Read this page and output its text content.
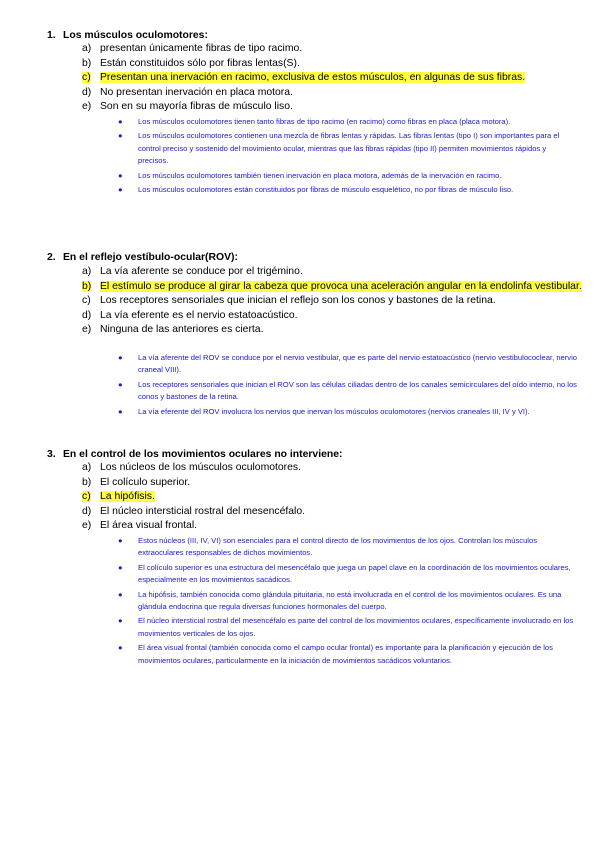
1. Los músculos oculomotores:
a) presentan únicamente fibras de tipo racimo.
b) Están constituidos sólo por fibras lentas(S).
c) Presentan una inervación en racimo, exclusiva de estos músculos, en algunas de sus fibras.
d) No presentan inervación en placa motora.
e) Son en su mayoría fibras de músculo liso.
● Los músculos oculomotores tienen tanto fibras de tipo racimo (en racimo) como fibras en placa (placa motora).
● Los músculos oculomotores contienen una mezcla de fibras lentas y rápidas. Las fibras lentas (tipo I) son importantes para el control preciso y sostenido del movimiento ocular, mientras que las fibras rápidas (tipo II) permiten movimientos rápidos y precisos.
● Los músculos oculomotores también tienen inervación en placa motora, además de la inervación en racimo.
● Los músculos oculomotores están constituidos por fibras de músculo esquelético, no por fibras de músculo liso.
2. En el reflejo vestíbulo-ocular(ROV):
a) La vía aferente se conduce por el trigémino.
b) El estímulo se produce al girar la cabeza que provoca una aceleración angular en la endolinfa vestibular.
c) Los receptores sensoriales que inician el reflejo son los conos y bastones de la retina.
d) La vía eferente es el nervio estatoacústico.
e) Ninguna de las anteriores es cierta.
● La vía aferente del ROV se conduce por el nervio vestibular, que es parte del nervio estatoacústico (nervio vestibulococlear, nervio craneal VIII).
● Los receptores sensoriales que inician el ROV son las células ciliadas dentro de los canales semicirculares del oído interno, no los conos y bastones de la retina.
● La vía eferente del ROV involucra los nervios que inervan los músculos oculomotores (nervios craneales III, IV y VI).
3. En el control de los movimientos oculares no interviene:
a) Los núcleos de los músculos oculomotores.
b) El colículo superior.
c) La hipófisis.
d) El núcleo intersticial rostral del mesencéfalo.
e) El área visual frontal.
● Estos núcleos (III, IV, VI) son esenciales para el control directo de los movimientos de los ojos. Controlan los músculos extraoculares responsables de dichos movimientos.
● El colículo superior es una estructura del mesencéfalo que juega un papel clave en la coordinación de los movimientos oculares, especialmente en los movimientos sacádicos.
● La hipófisis, también conocida como glándula pituitaria, no está involucrada en el control de los movimientos oculares. Es una glándula endocrina que regula diversas funciones hormonales del cuerpo.
● El núcleo intersticial rostral del mesencéfalo es parte del control de los movimientos oculares, específicamente involucrado en los movimientos verticales de los ojos.
● El área visual frontal (también conocida como el campo ocular frontal) es importante para la planificación y ejecución de los movimientos oculares, particularmente en la iniciación de movimientos sacádicos voluntarios.
